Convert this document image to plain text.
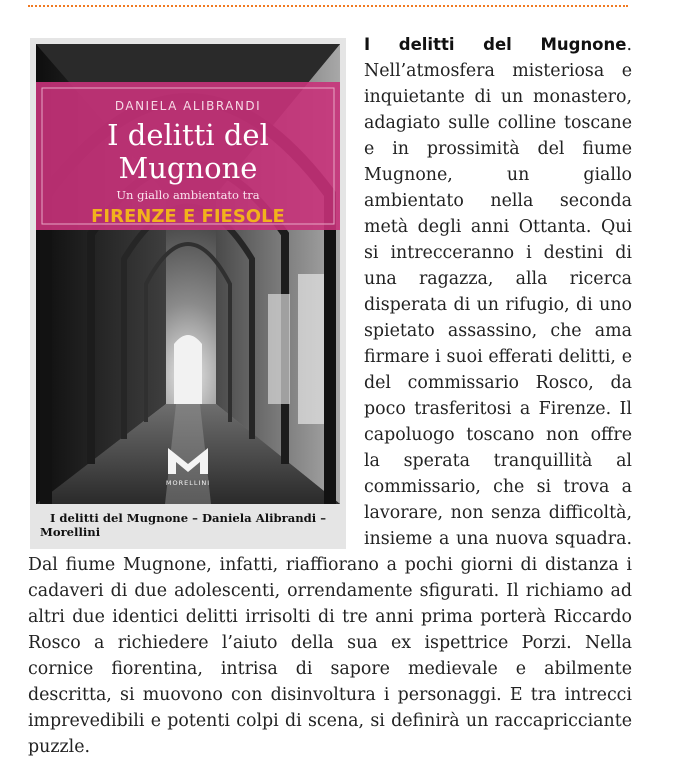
DANIELA ALIBRANDI
I delitti del
Mugnone
Un giallo ambientato tra
FIRENZE E FIESOLE
MORELLINI
I delitti del Mugnone – Daniela Alibrandi – Morellini

I delitti del Mugnone. Nell’atmosfera misteriosa e inquietante di un monastero, adagiato sulle colline toscane e in prossimità del fiume Mugnone, un giallo ambientato nella seconda metà degli anni Ottanta. Qui si intrecceranno i destini di una ragazza, alla ricerca disperata di un rifugio, di uno spietato assassino, che ama firmare i suoi efferati delitti, e del commissario Rosco, da poco trasferitosi a Firenze. Il capoluogo toscano non offre la sperata tranquillità al commissario, che si trova a lavorare, non senza difficoltà, insieme a una nuova squadra. Dal fiume Mugnone, infatti, riaffiorano a pochi giorni di distanza i cadaveri di due adolescenti, orrendamente sfigurati. Il richiamo ad altri due identici delitti irrisolti di tre anni prima porterà Riccardo Rosco a richiedere l’aiuto della sua ex ispettrice Porzi. Nella cornice fiorentina, intrisa di sapore medievale e abilmente descritta, si muovono con disinvoltura i personaggi. E tra intrecci imprevedibili e potenti colpi di scena, si definirà un raccapricciante puzzle.
